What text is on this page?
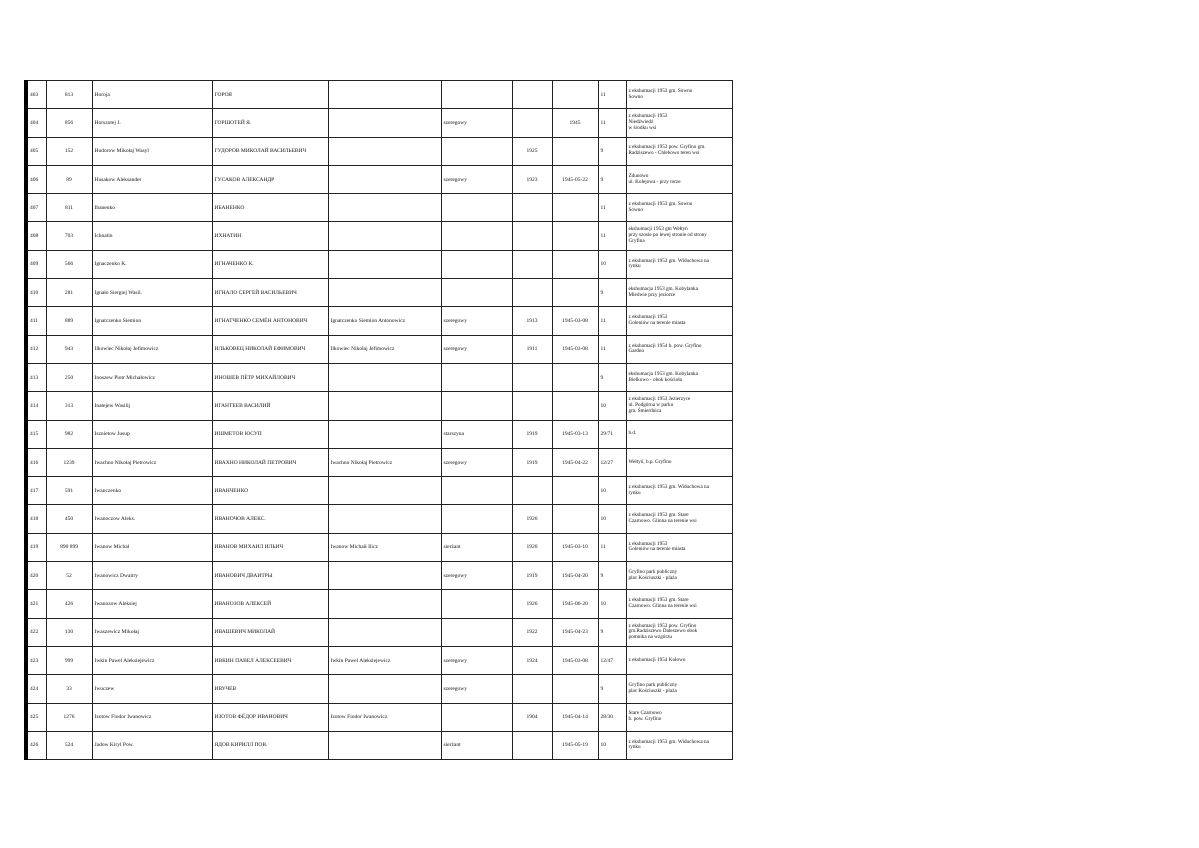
403	813	Horoja	ГОРОЯ					11	z ekshumacji 1953 gm. Sowno
Sowno
404	856	Horszotej J.	ГОРШОТЕЙ Я.		szeregowy		1945	11	z ekshumacji 1953
Niedźwiedź
w środku wsi
405	152	Hudorow Mikołaj Wasyl	ГУДОРОВ МИКОЛАЙ ВАСИЛЬЕВИЧ			1925		9	z ekshumacji 1953 pow. Gryfino gm.
Radziszewo - Chlebowo teren wsi
406	89	Husakow Aleksander	ГУСАКОВ АЛЕКСАНДР		szeregowy	1923	1945-05-22	9	Zdunowo
ul. Kolejowa - przy torze
407	811	Ibanenko	ИБАНЕНКО					11	z ekshumacji 1953 gm. Sowno
Sowno
408	703	Ichnatin	ИХНАТИН					11	ekshumacji 1953 gm Wełtyń
przy szosie po lewej stronie od strony
Gryfina
409	566	Ignaczenko K.	ИГНАЧЕНКО К.					10	z ekshumacji 1953 gm. Widuchowa na
rynku
410	281	Ignało Siergiej Wasil.	ИГНАЛО СЕРГЕЙ ВАСИЛЬЕВИЧ					9	ekshumacja 1953 gm. Kobylanka
Miedwie przy jeziorze
411	889	Ignatczenko Siemion	ИГНАТЧЕНКО СЕМЁН АНТОНОВИЧ	Ignatczenko Siemion Antonowicz	szeregowy	1913	1945-03-08	11	z ekshumacji 1953
Goleniów na terenie miasta
412	943	Ilkowiec Nikołaj Jefimowicz	ИЛЬКОВЕЦ НИКОЛАЙ ЕФИМОВИЧ	Ilkowiec Nikołaj Jefimowicz	szeregowy	1911	1945-03-08	11	z ekshumacji 1954 b. pow. Gryfino
Gardno
413	250	Inoszew Piotr Michałowicz	ИНОШЕВ ПЁТР МИХАЙЛОВИЧ					9	ekshumacja 1953 gm. Kobylanka
Bielkowo - obok kościoła
414	313	Inatejew Wasilij	ИГАНТЕЕВ ВАСИЛИЙ					10	z ekshumacji 1953 Jezierzyce
ul. Podgórna w parku
gm. Śmierdnica
415	982	Isznietow Jusup	ИШМЕТОВ ЮСУП		starszyna	1919	1945-03-13	29/71	b.d.
416	1239	Iwachno Nikołaj Pietrowicz	ИВАХНО НИКОЛАЙ ПЕТРОВИЧ	Iwachno Nikołaj Pietrowicz	szeregowy	1919	1945-04-22	12/27	Wełtyń, b.p. Gryfino
417	591	Iwanczenko	ИВАНЧЕНКО					10	z ekshumacji 1953 gm. Widuchowa na
rynku
418	450	Iwanoczow Aleks.	ИВАНОЧОВ АЛЕКС.			1926		10	z ekshumacji 1953 gm. Stare
Czarnowo. Glinna na terenie wsi
419	890 899	Iwanow Michał	ИВАНОВ МИХАИЛ ИЛЬИЧ	Iwanow Michaił Ilicz	sierżant	1920	1945-03-10	11	z ekshumacji 1953
Goleniów na terenie miasta
420	52	Iwanowicz Dwaitry	ИВАНОВИЧ ДВАИТРЫ		szeregowy	1919	1945-04-20	9	Gryfino park publiczny
plac Kościuszki - plaża
421	426	Iwanozow Aleksiej	ИВАНОЗОВ АЛЕКСЕЙ			1926	1945-06-20	10	z ekshumacji 1953 gm. Stare
Czarnowo. Glinna na terenie wsi
422	130	Iwaszewicz Mikołaj	ИВАШЕВИЧ МИКОЛАЙ			1922	1945-04-23	9	z ekshumacji 1953 pow. Gryfino
gm.Radziszewo Daleszewo obok
pomnika na wzgórzu
423	999	Iwkin Pawel Aleksiejewicz	ИВКИН ПАВЕЛ АЛЕКСЕЕВИЧ	Iwkin Pawel Aleksiejewicz	szeregowy	1924	1945-03-08	12/47	z ekshumacji 1954 Kołowo
424	33	Iwuczew	ИВУЧЕВ		szeregowy			9	Gryfino park publiczny
plac Kościuszki - plaża
425	1276	Izotow Fiodor Iwanowicz	ИЗОТОВ ФЁДОР ИВАНОВИЧ	Izotow Fiodor Iwanowicz		1904	1945-04-14	28/30	Stare Czarnowo
b. pow. Gryfino
426	524	Jadow Kiryl Pow.	ЯДОВ КИРИЛЛ ПОВ.		sierżant		1945-05-19	10	z ekshumacji 1953 gm. Widuchowa na
rynku
